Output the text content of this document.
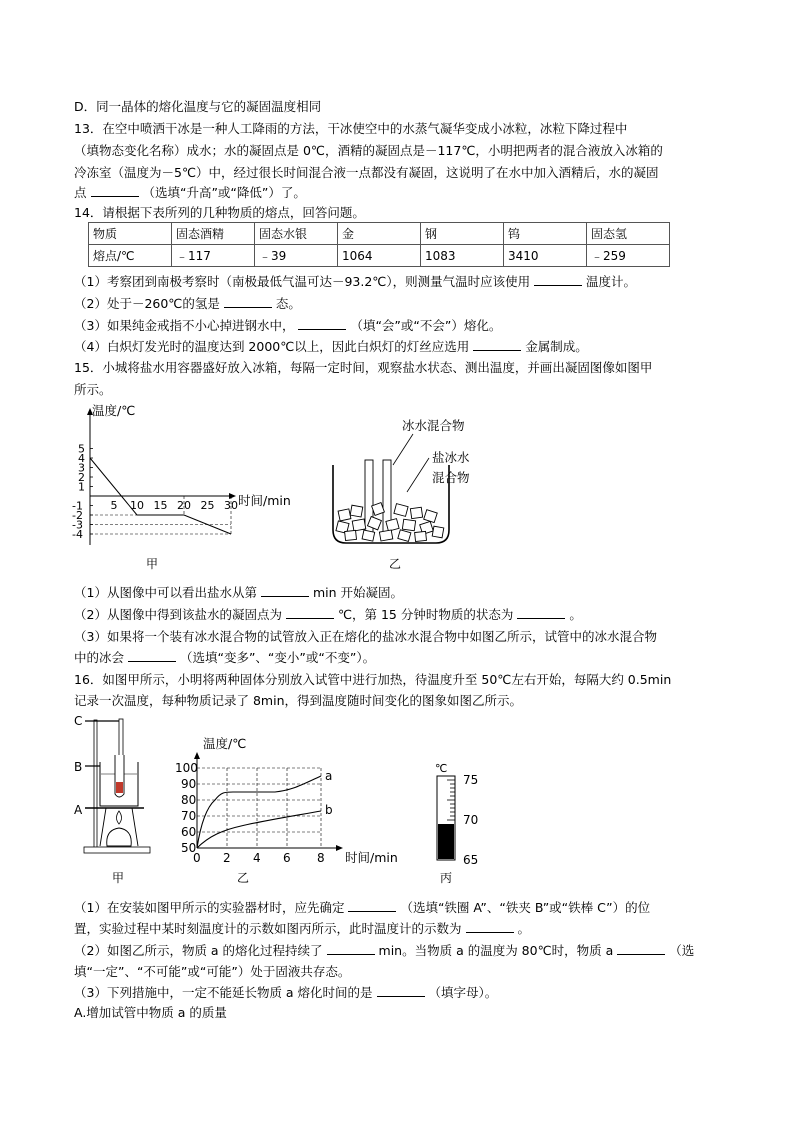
D．同一晶体的熔化温度与它的凝固温度相同
13．在空中喷洒干冰是一种人工降雨的方法，干冰使空中的水蒸气凝华变成小冰粒，冰粒下降过程中
（填物态变化名称）成水；水的凝固点是 0℃，酒精的凝固点是－117℃，小明把两者的混合液放入冰箱的
冷冻室（温度为－5℃）中，经过很长时间混合液一点都没有凝固，这说明了在水中加入酒精后，水的凝固
点	（选填“升高”或“降低”）了。
14．请根据下表所列的几种物质的熔点，回答问题。
物质	固态酒精	固态水银	金	钢	钨	固态氢
熔点/℃	﹣117	﹣39	1064	1083	3410	﹣259
（1）考察团到南极考察时（南极最低气温可达－93.2℃），则测量气温时应该使用	温度计。
（2）处于－260℃的氢是	态。
（3）如果纯金戒指不小心掉进钢水中，	（填“会”或“不会”）熔化。
（4）白炽灯发光时的温度达到 2000℃以上，因此白炽灯的灯丝应选用	金属制成。
15．小城将盐水用容器盛好放入冰箱，每隔一定时间，观察盐水状态、测出温度，并画出凝固图像如图甲
所示。
5
4
3
2
1
-1
-2
-3
-4
5 10 15 20 25 30
温度/℃
时间/min
甲
冰水混合物
盐冰水
混合物
乙
（1）从图像中可以看出盐水从第	min 开始凝固。
（2）从图像中得到该盐水的凝固点为	℃，第 15 分钟时物质的状态为	。
（3）如果将一个装有冰水混合物的试管放入正在熔化的盐冰水混合物中如图乙所示，试管中的冰水混合物
中的冰会	（选填“变多”、“变小”或“不变”）。
16．如图甲所示，小明将两种固体分别放入试管中进行加热，待温度升至 50℃左右开始，每隔大约 0.5min
记录一次温度，每种物质记录了 8min，得到温度随时间变化的图象如图乙所示。
C
B
A
甲
温度/℃
100
90
80
70
60
50
0 2 4 6 8 时间/min
a
b
乙
℃
75
70
65
丙
（1）在安装如图甲所示的实验器材时，应先确定	（选填“铁圈 A”、“铁夹 B”或“铁棒 C”）的位
置，实验过程中某时刻温度计的示数如图丙所示，此时温度计的示数为	。
（2）如图乙所示，物质 a 的熔化过程持续了	min。当物质 a 的温度为 80℃时，物质 a	（选
填“一定”、“不可能”或“可能”）处于固液共存态。
（3）下列措施中，一定不能延长物质 a 熔化时间的是	（填字母）。
A.增加试管中物质 a 的质量
